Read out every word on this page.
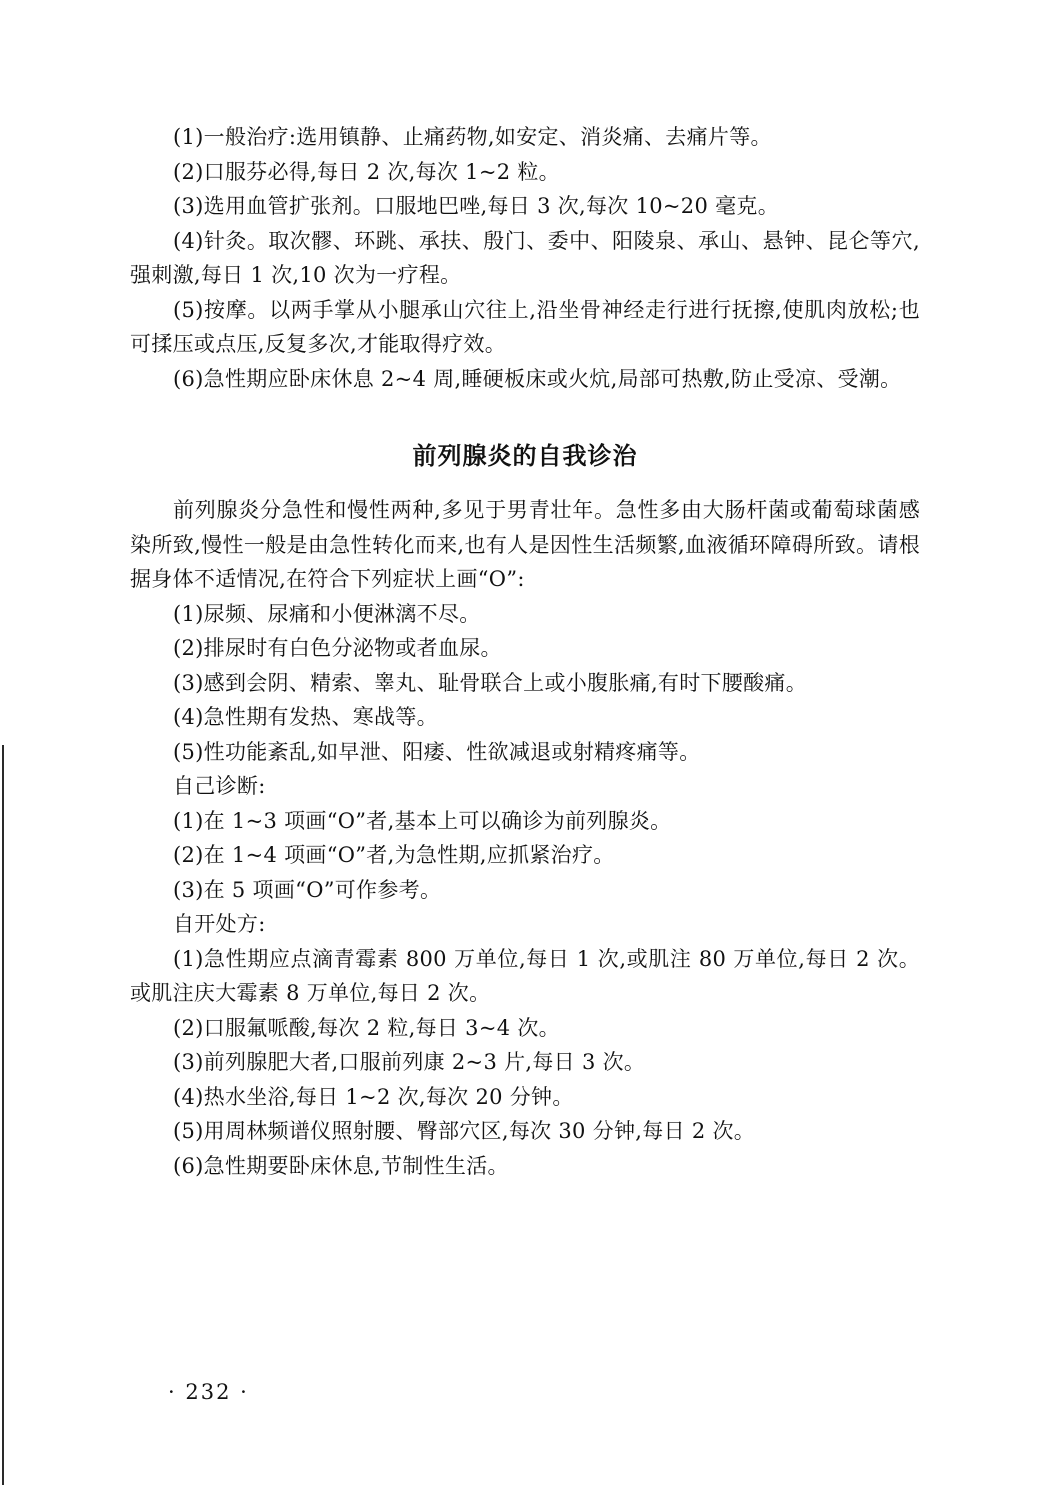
(1)一般治疗:选用镇静、止痛药物,如安定、消炎痛、去痛片等。

(2)口服芬必得,每日 2 次,每次 1~2 粒。

(3)选用血管扩张剂。口服地巴唑,每日 3 次,每次 10~20 毫克。

(4)针灸。取次髎、环跳、承扶、殷门、委中、阳陵泉、承山、悬钟、昆仑等穴,强刺激,每日 1 次,10 次为一疗程。

(5)按摩。以两手掌从小腿承山穴往上,沿坐骨神经走行进行抚擦,使肌肉放松;也可揉压或点压,反复多次,才能取得疗效。

(6)急性期应卧床休息 2~4 周,睡硬板床或火炕,局部可热敷,防止受凉、受潮。

前列腺炎的自我诊治

前列腺炎分急性和慢性两种,多见于男青壮年。急性多由大肠杆菌或葡萄球菌感染所致,慢性一般是由急性转化而来,也有人是因性生活频繁,血液循环障碍所致。请根据身体不适情况,在符合下列症状上画“O”:

(1)尿频、尿痛和小便淋漓不尽。

(2)排尿时有白色分泌物或者血尿。

(3)感到会阴、精索、睾丸、耻骨联合上或小腹胀痛,有时下腰酸痛。

(4)急性期有发热、寒战等。

(5)性功能紊乱,如早泄、阳痿、性欲减退或射精疼痛等。

自己诊断:

(1)在 1~3 项画“O”者,基本上可以确诊为前列腺炎。

(2)在 1~4 项画“O”者,为急性期,应抓紧治疗。

(3)在 5 项画“O”可作参考。

自开处方:

(1)急性期应点滴青霉素 800 万单位,每日 1 次,或肌注 80 万单位,每日 2 次。或肌注庆大霉素 8 万单位,每日 2 次。

(2)口服氟哌酸,每次 2 粒,每日 3~4 次。

(3)前列腺肥大者,口服前列康 2~3 片,每日 3 次。

(4)热水坐浴,每日 1~2 次,每次 20 分钟。

(5)用周林频谱仪照射腰、臀部穴区,每次 30 分钟,每日 2 次。

(6)急性期要卧床休息,节制性生活。

· 232 ·
